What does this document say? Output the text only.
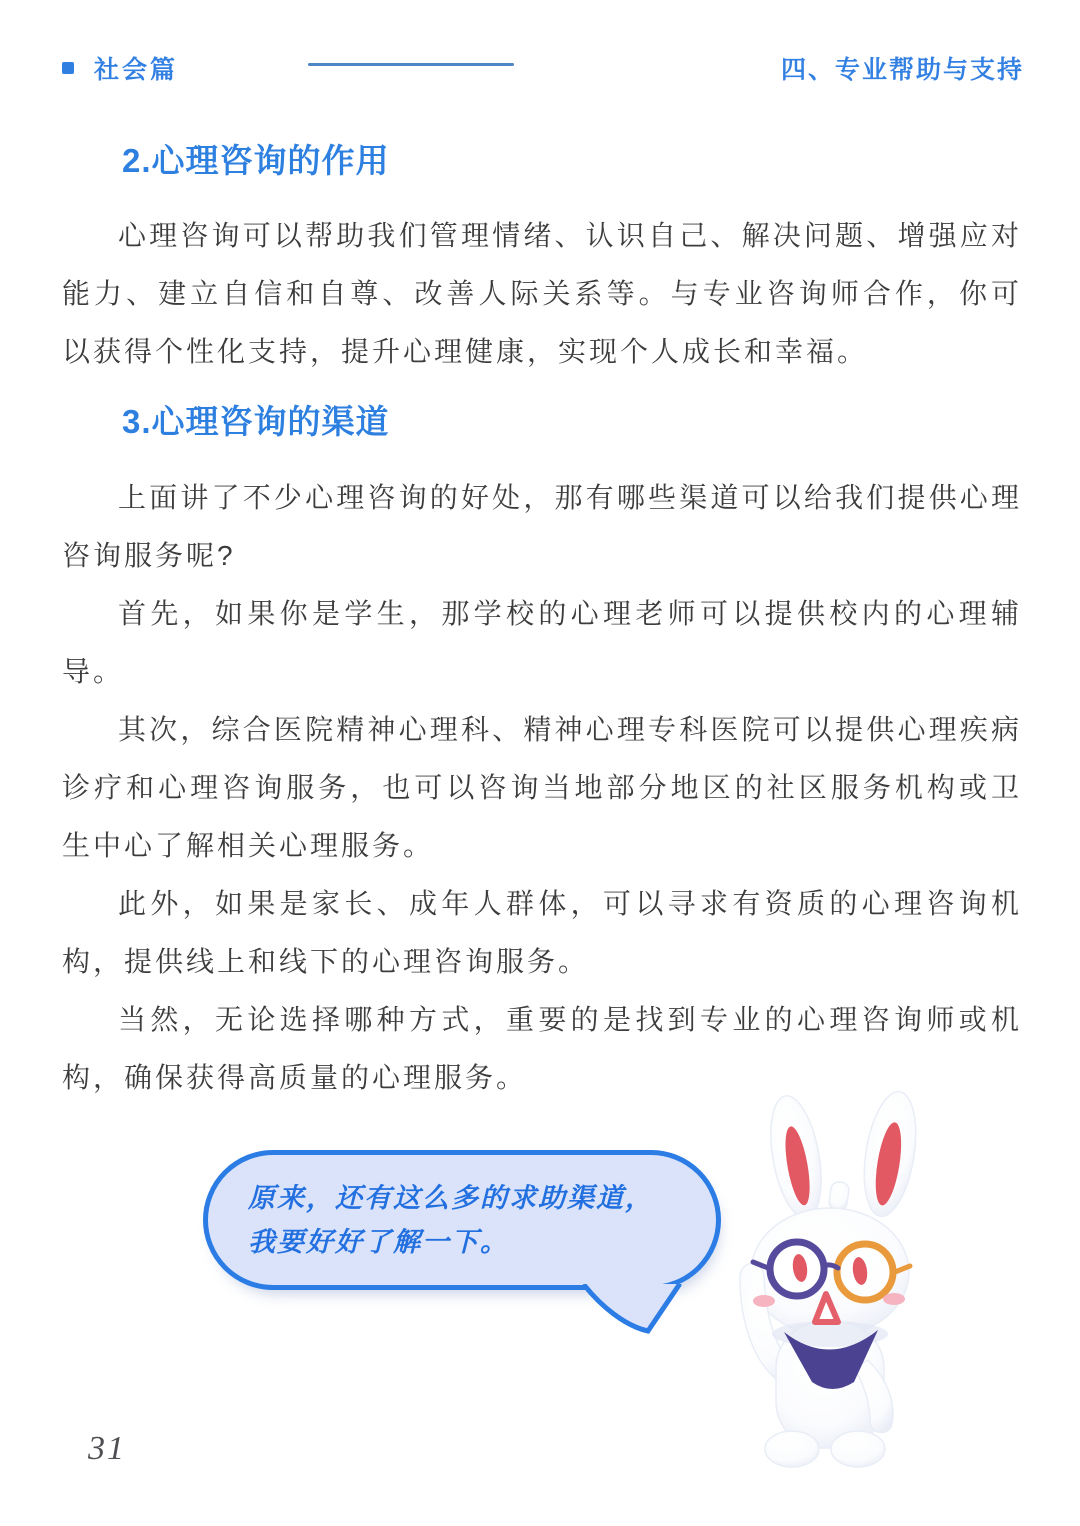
社会篇	四、专业帮助与支持
2.心理咨询的作用

心理咨询可以帮助我们管理情绪、认识自己、解决问题、增强应对能力、建立自信和自尊、改善人际关系等。与专业咨询师合作，你可以获得个性化支持，提升心理健康，实现个人成长和幸福。

3.心理咨询的渠道

上面讲了不少心理咨询的好处，那有哪些渠道可以给我们提供心理咨询服务呢?

首先，如果你是学生，那学校的心理老师可以提供校内的心理辅导。

其次，综合医院精神心理科、精神心理专科医院可以提供心理疾病诊疗和心理咨询服务，也可以咨询当地部分地区的社区服务机构或卫生中心了解相关心理服务。

此外，如果是家长、成年人群体，可以寻求有资质的心理咨询机构，提供线上和线下的心理咨询服务。

当然，无论选择哪种方式，重要的是找到专业的心理咨询师或机构，确保获得高质量的心理服务。

原来，还有这么多的求助渠道，
我要好好了解一下。
31
